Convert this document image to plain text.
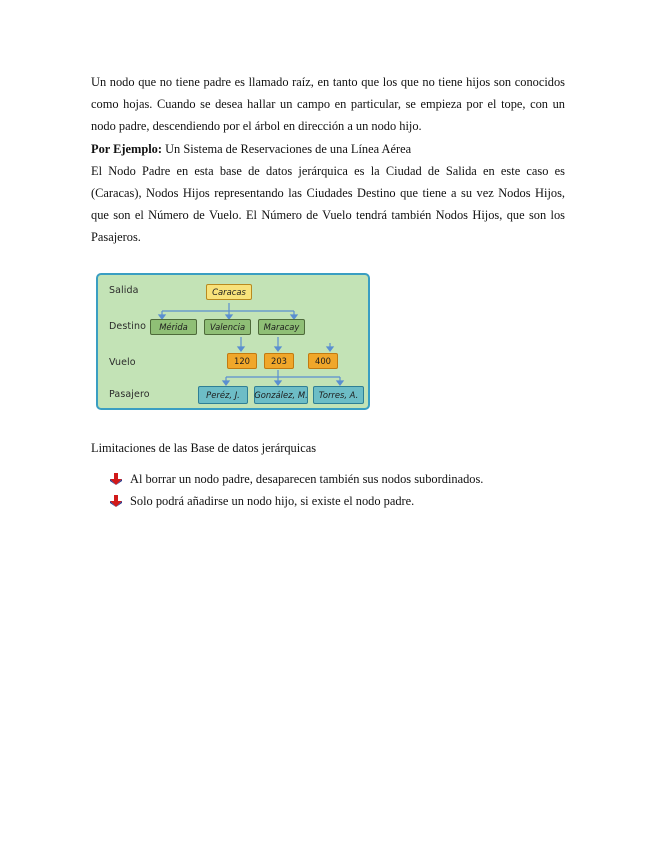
Un nodo que no tiene padre es llamado raíz, en tanto que los que no tiene hijos son conocidos como hojas. Cuando se desea hallar un campo en particular, se empieza por el tope, con un nodo padre, descendiendo por el árbol en dirección a un nodo hijo.

Por Ejemplo: Un Sistema de Reservaciones de una Línea Aérea

El Nodo Padre en esta base de datos jerárquica es la Ciudad de Salida en este caso es (Caracas), Nodos Hijos representando las Ciudades Destino que tiene a su vez Nodos Hijos, que son el Número de Vuelo. El Número de Vuelo tendrá también Nodos Hijos, que son los Pasajeros.

Salida
Destino
Vuelo
Pasajero
Caracas
Mérida	Valencia	Maracay
120	203	400
Peréz, J.	González, M.	Torres, A.

Limitaciones de las Base de datos jerárquicas

Al borrar un nodo padre, desaparecen también sus nodos subordinados.
Solo podrá añadirse un nodo hijo, si existe el nodo padre.
